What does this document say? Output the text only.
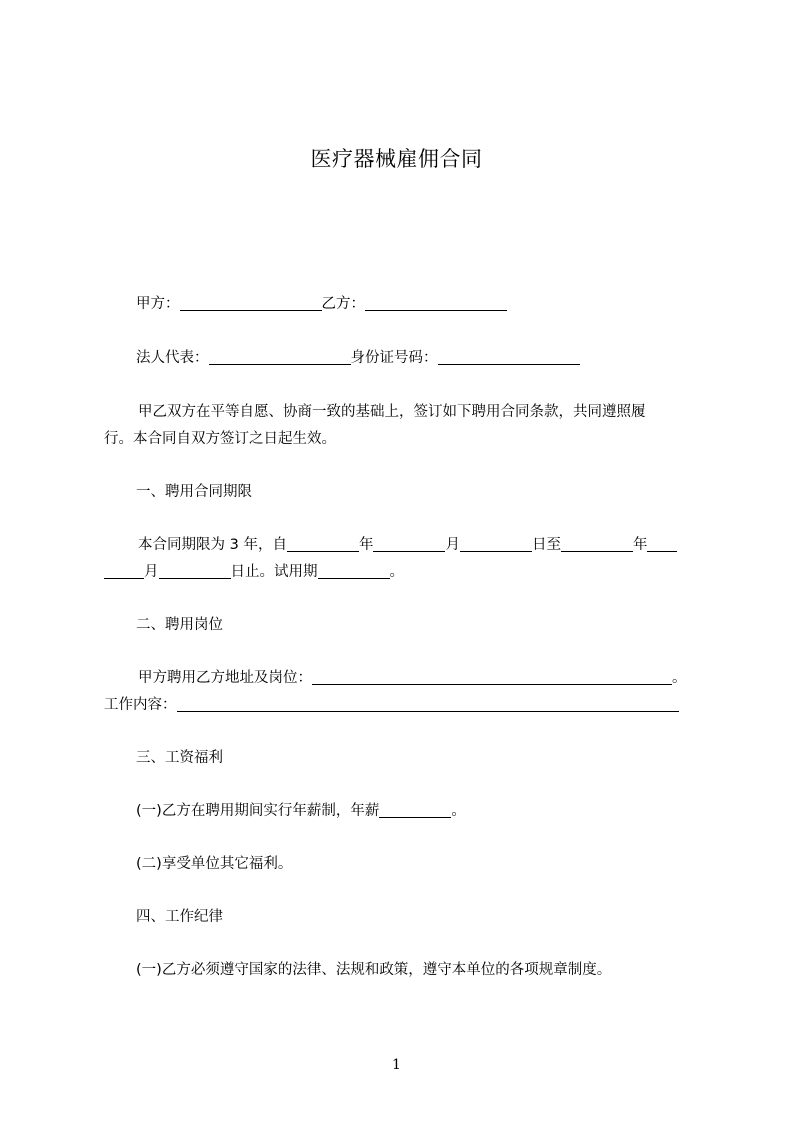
医疗器械雇佣合同
甲方：	乙方：
法人代表：	身份证号码：
甲乙双方在平等自愿、协商一致的基础上，签订如下聘用合同条款，共同遵照履
行。本合同自双方签订之日起生效。
一、聘用合同期限
本合同期限为 3 年，自	年	月	日至	年
月	日止。试用期	。
二、聘用岗位
甲方聘用乙方地址及岗位：	。
工作内容：
三、工资福利
(一)乙方在聘用期间实行年薪制，年薪	。
(二)享受单位其它福利。
四、工作纪律
(一)乙方必须遵守国家的法律、法规和政策，遵守本单位的各项规章制度。
1
